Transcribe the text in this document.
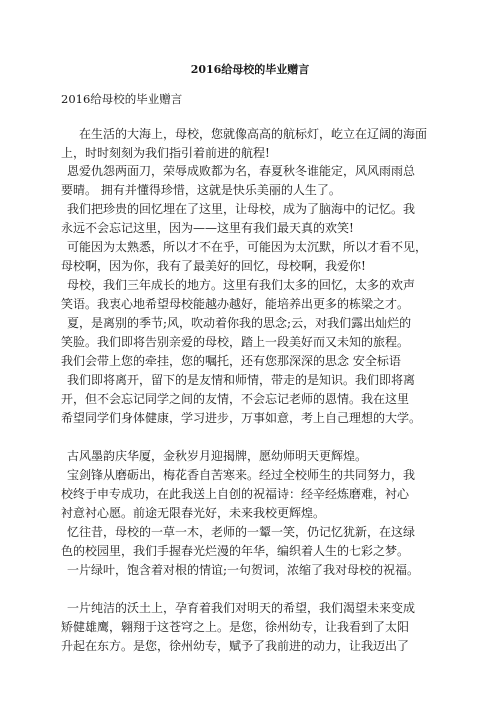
2016给母校的毕业赠言
2016给母校的毕业赠言
在生活的大海上，母校，您就像高高的航标灯，屹立在辽阔的海面
上，时时刻刻为我们指引着前进的航程!
恩爱仇怨两面刀，荣辱成败都为名，春夏秋冬谁能定，风风雨雨总
要晴。 拥有并懂得珍惜，这就是快乐美丽的人生了。
我们把珍贵的回忆埋在了这里，让母校，成为了脑海中的记忆。我
永远不会忘记这里，因为——这里有我们最天真的欢笑!
可能因为太熟悉，所以才不在乎，可能因为太沉默，所以才看不见，
母校啊，因为你，我有了最美好的回忆，母校啊，我爱你!
母校，我们三年成长的地方。这里有我们太多的回忆，太多的欢声
笑语。我衷心地希望母校能越办越好，能培养出更多的栋梁之才。
夏，是离别的季节;风，吹动着你我的思念;云，对我们露出灿烂的
笑脸。我们即将告别亲爱的母校，踏上一段美好而又未知的旅程。
我们会带上您的牵挂，您的嘱托，还有您那深深的思念 安全标语
我们即将离开，留下的是友情和师情，带走的是知识。我们即将离
开，但不会忘记同学之间的友情，不会忘记老师的恩情。我在这里
希望同学们身体健康，学习进步，万事如意，考上自己理想的大学。
古风墨韵庆华厦，金秋岁月迎揭牌，愿幼师明天更辉煌。
宝剑锋从磨砺出，梅花香自苦寒来。经过全校师生的共同努力，我
校终于申专成功，在此我送上自创的祝福诗：经辛经炼磨难，衬心
衬意衬心愿。前途无限春光好，未来我校更辉煌。
忆往昔，母校的一草一木，老师的一颦一笑，仍记忆犹新，在这绿
色的校园里，我们手握春光烂漫的年华，编织着人生的七彩之梦。
一片绿叶，饱含着对根的情谊;一句贺词，浓缩了我对母校的祝福。
一片纯洁的沃土上，孕育着我们对明天的希望，我们渴望未来变成
矫健雄鹰，翱翔于这苍穹之上。是您，徐州幼专，让我看到了太阳
升起在东方。是您，徐州幼专，赋予了我前进的动力，让我迈出了
